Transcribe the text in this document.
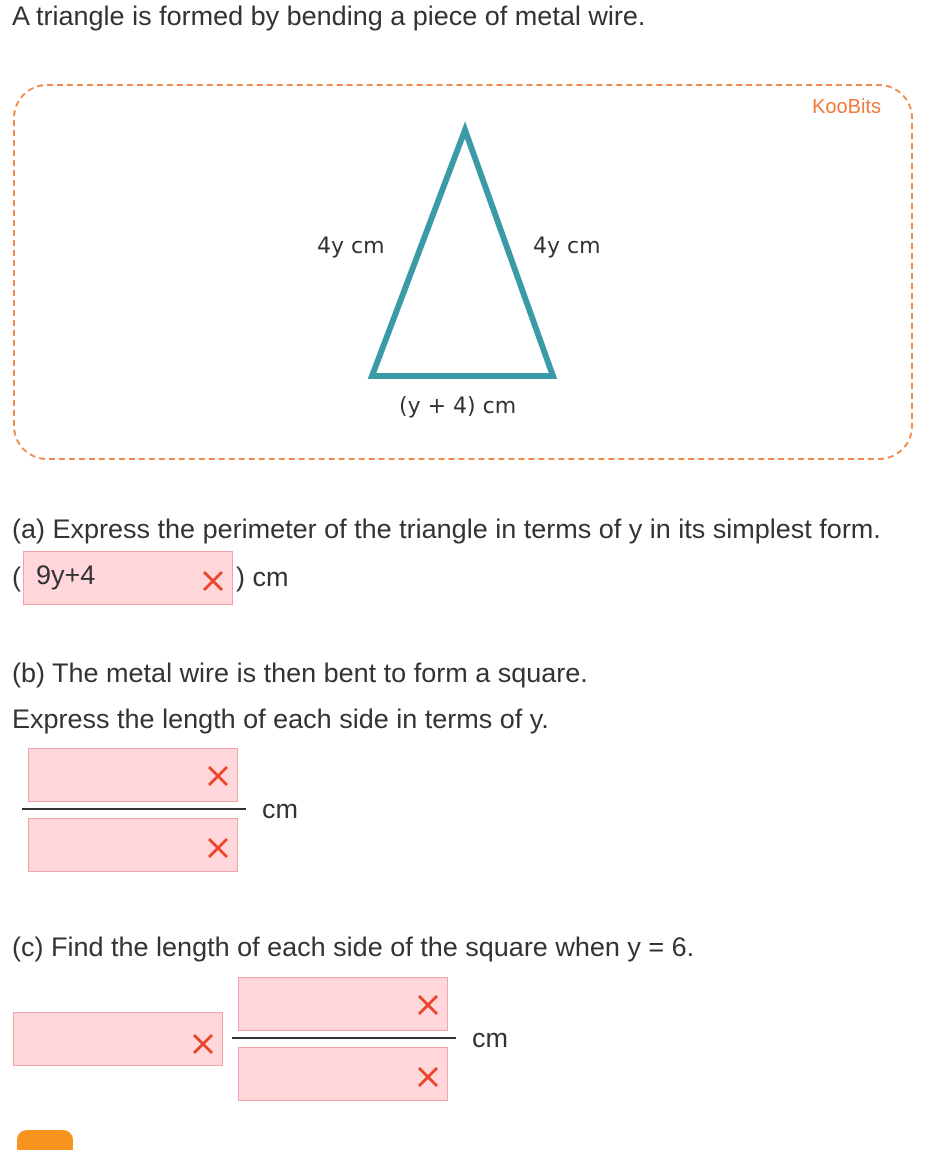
A triangle is formed by bending a piece of metal wire.
KooBits
4y cm	4y cm
(y + 4) cm
(a) Express the perimeter of the triangle in terms of y in its simplest form.
( 9y+4	) cm
(b) The metal wire is then bent to form a square.
Express the length of each side in terms of y.
cm
(c) Find the length of each side of the square when y = 6.
cm
